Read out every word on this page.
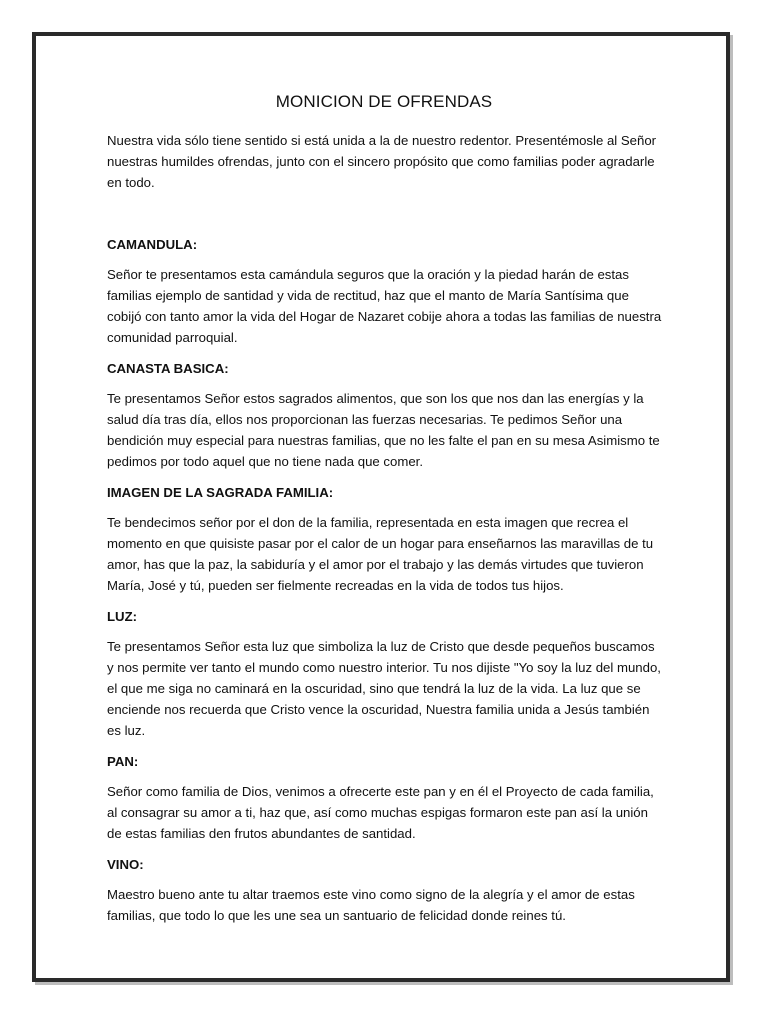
MONICION DE OFRENDAS

Nuestra vida sólo tiene sentido si está unida a la de nuestro redentor. Presentémosle al Señor nuestras humildes ofrendas, junto con el sincero propósito que como familias poder agradarle en todo.

CAMANDULA:

Señor te presentamos esta camándula seguros que la oración y la piedad harán de estas familias ejemplo de santidad y vida de rectitud, haz que el manto de María Santísima que cobijó con tanto amor la vida del Hogar de Nazaret cobije ahora a todas las familias de nuestra comunidad parroquial.

CANASTA BASICA:

Te presentamos Señor estos sagrados alimentos, que son los que nos dan las energías y la salud día tras día, ellos nos proporcionan las fuerzas necesarias. Te pedimos Señor una bendición muy especial para nuestras familias, que no les falte el pan en su mesa Asimismo te pedimos por todo aquel que no tiene nada que comer.

IMAGEN DE LA SAGRADA FAMILIA:

Te bendecimos señor por el don de la familia, representada en esta imagen que recrea el momento en que quisiste pasar por el calor de un hogar para enseñarnos las maravillas de tu amor, has que la paz, la sabiduría y el amor por el trabajo y las demás virtudes que tuvieron María, José y tú, pueden ser fielmente recreadas en la vida de todos tus hijos.

LUZ:

Te presentamos Señor esta luz que simboliza la luz de Cristo que desde pequeños buscamos y nos permite ver tanto el mundo como nuestro interior. Tu nos dijiste "Yo soy la luz del mundo, el que me siga no caminará en la oscuridad, sino que tendrá la luz de la vida. La luz que se enciende nos recuerda que Cristo vence la oscuridad, Nuestra familia unida a Jesús también es luz.

PAN:

Señor como familia de Dios, venimos a ofrecerte este pan y en él el Proyecto de cada familia, al consagrar su amor a ti, haz que, así como muchas espigas formaron este pan así la unión de estas familias den frutos abundantes de santidad.

VINO:

Maestro bueno ante tu altar traemos este vino como signo de la alegría y el amor de estas familias, que todo lo que les une sea un santuario de felicidad donde reines tú.
